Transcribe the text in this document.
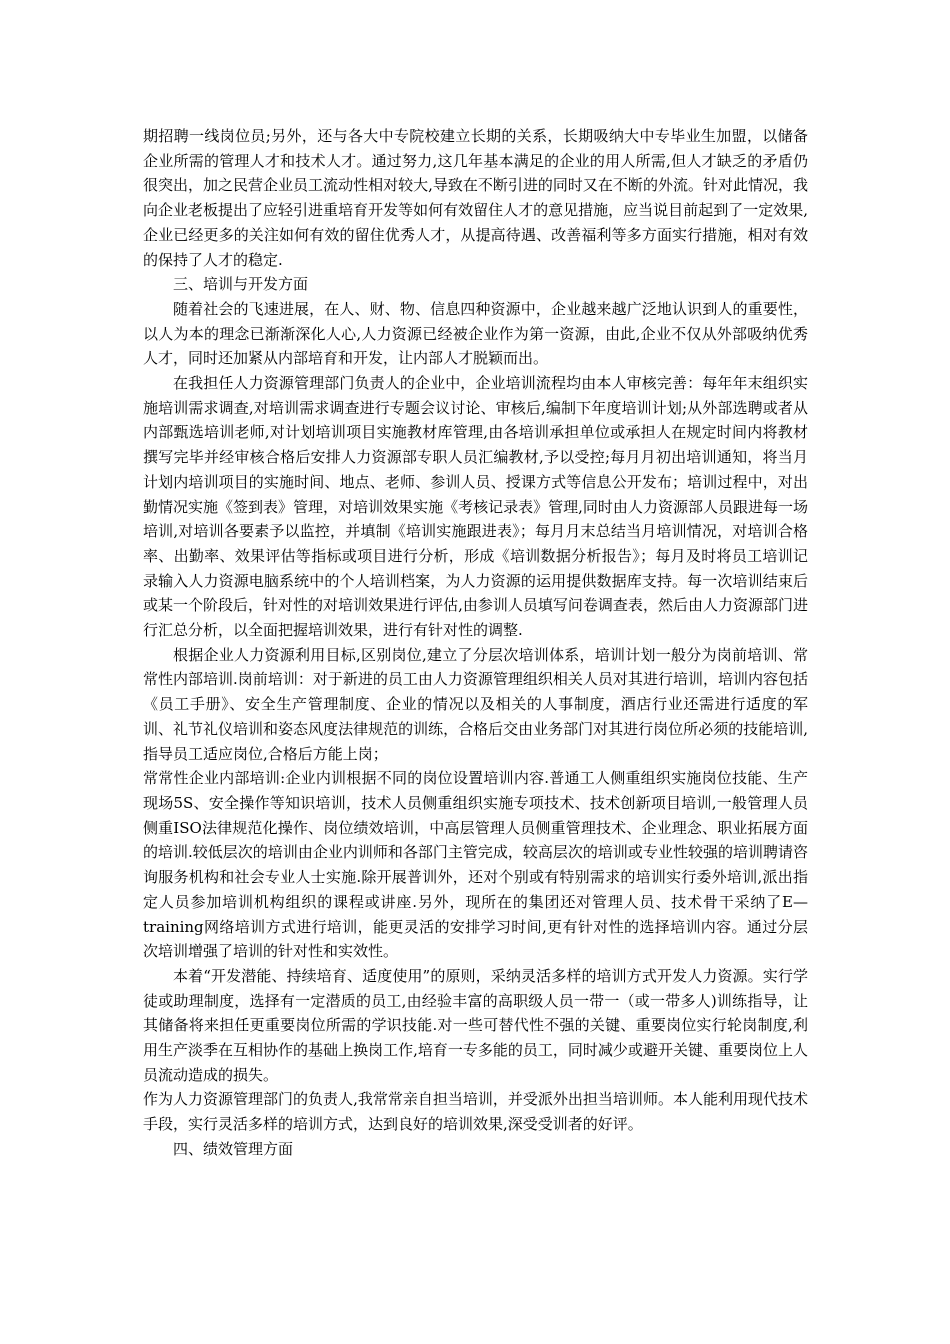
期招聘一线岗位员;另外，还与各大中专院校建立长期的关系，长期吸纳大中专毕业生加盟，以储备企业所需的管理人才和技术人才。通过努力,这几年基本满足的企业的用人所需,但人才缺乏的矛盾仍很突出，加之民营企业员工流动性相对较大,导致在不断引进的同时又在不断的外流。针对此情况，我向企业老板提出了应轻引进重培育开发等如何有效留住人才的意见措施，应当说目前起到了一定效果,企业已经更多的关注如何有效的留住优秀人才，从提高待遇、改善福利等多方面实行措施，相对有效的保持了人才的稳定.

三、培训与开发方面

随着社会的飞速进展，在人、财、物、信息四种资源中，企业越来越广泛地认识到人的重要性，以人为本的理念已渐渐深化人心,人力资源已经被企业作为第一资源，由此,企业不仅从外部吸纳优秀人才，同时还加紧从内部培育和开发，让内部人才脱颖而出。

在我担任人力资源管理部门负责人的企业中，企业培训流程均由本人审核完善：每年年末组织实施培训需求调查,对培训需求调查进行专题会议讨论、审核后,编制下年度培训计划;从外部选聘或者从内部甄选培训老师,对计划培训项目实施教材库管理,由各培训承担单位或承担人在规定时间内将教材撰写完毕并经审核合格后安排人力资源部专职人员汇编教材,予以受控;每月月初出培训通知，将当月计划内培训项目的实施时间、地点、老师、参训人员、授课方式等信息公开发布；培训过程中，对出勤情况实施《签到表》管理，对培训效果实施《考核记录表》管理,同时由人力资源部人员跟进每一场培训,对培训各要素予以监控，并填制《培训实施跟进表》；每月月末总结当月培训情况，对培训合格率、出勤率、效果评估等指标或项目进行分析，形成《培训数据分析报告》；每月及时将员工培训记录输入人力资源电脑系统中的个人培训档案，为人力资源的运用提供数据库支持。每一次培训结束后或某一个阶段后，针对性的对培训效果进行评估,由参训人员填写问卷调查表，然后由人力资源部门进行汇总分析，以全面把握培训效果，进行有针对性的调整.

根据企业人力资源利用目标,区别岗位,建立了分层次培训体系，培训计划一般分为岗前培训、常常性内部培训.岗前培训：对于新进的员工由人力资源管理组织相关人员对其进行培训，培训内容包括《员工手册》、安全生产管理制度、企业的情况以及相关的人事制度，酒店行业还需进行适度的军训、礼节礼仪培训和姿态风度法律规范的训练，合格后交由业务部门对其进行岗位所必须的技能培训,指导员工适应岗位,合格后方能上岗；

常常性企业内部培训:企业内训根据不同的岗位设置培训内容.普通工人侧重组织实施岗位技能、生产现场5S、安全操作等知识培训，技术人员侧重组织实施专项技术、技术创新项目培训,一般管理人员侧重ISO法律规范化操作、岗位绩效培训，中高层管理人员侧重管理技术、企业理念、职业拓展方面的培训.较低层次的培训由企业内训师和各部门主管完成，较高层次的培训或专业性较强的培训聘请咨询服务机构和社会专业人士实施.除开展普训外，还对个别或有特别需求的培训实行委外培训,派出指定人员参加培训机构组织的课程或讲座.另外，现所在的集团还对管理人员、技术骨干采纳了E—training网络培训方式进行培训，能更灵活的安排学习时间,更有针对性的选择培训内容。通过分层次培训增强了培训的针对性和实效性。

本着“开发潜能、持续培育、适度使用”的原则，采纳灵活多样的培训方式开发人力资源。实行学徒或助理制度，选择有一定潜质的员工,由经验丰富的高职级人员一带一（或一带多人)训练指导，让其储备将来担任更重要岗位所需的学识技能.对一些可替代性不强的关键、重要岗位实行轮岗制度,利用生产淡季在互相协作的基础上换岗工作,培育一专多能的员工，同时减少或避开关键、重要岗位上人员流动造成的损失。

作为人力资源管理部门的负责人,我常常亲自担当培训，并受派外出担当培训师。本人能利用现代技术手段，实行灵活多样的培训方式，达到良好的培训效果,深受受训者的好评。

四、绩效管理方面
